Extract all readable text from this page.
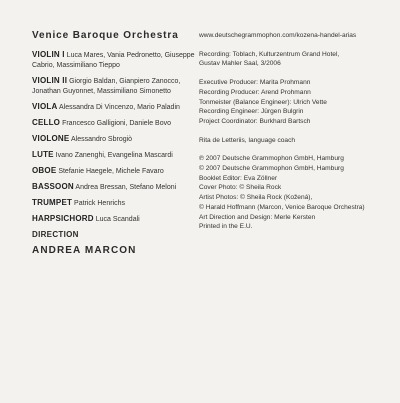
Venice Baroque Orchestra
VIOLIN I Luca Mares, Vania Pedronetto, Giuseppe Cabrio, Massimiliano Tieppo
VIOLIN II Giorgio Baldan, Gianpiero Zanocco, Jonathan Guyonnet, Massimiliano Simonetto
VIOLA Alessandra Di Vincenzo, Mario Paladin
CELLO Francesco Galligioni, Daniele Bovo
VIOLONE Alessandro Sbrogiò
LUTE Ivano Zanenghi, Evangelina Mascardi
OBOE Stefanie Haegele, Michele Favaro
BASSOON Andrea Bressan, Stefano Meloni
TRUMPET Patrick Henrichs
HARPSICHORD Luca Scandali
DIRECTION
ANDREA MARCON
www.deutschegrammophon.com/kozena-handel-arias
Recording: Toblach, Kulturzentrum Grand Hotel,
Gustav Mahler Saal, 3/2006
Executive Producer: Marita Prohmann
Recording Producer: Arend Prohmann
Tonmeister (Balance Engineer): Ulrich Vette
Recording Engineer: Jürgen Bulgrin
Project Coordinator: Burkhard Bartsch
Rita de Letteriis, language coach
℗ 2007 Deutsche Grammophon GmbH, Hamburg
© 2007 Deutsche Grammophon GmbH, Hamburg
Booklet Editor: Eva Zöllner
Cover Photo: © Sheila Rock
Artist Photos: © Sheila Rock (Kožená),
© Harald Hoffmann (Marcon, Venice Baroque Orchestra)
Art Direction and Design: Merle Kersten
Printed in the E.U.
